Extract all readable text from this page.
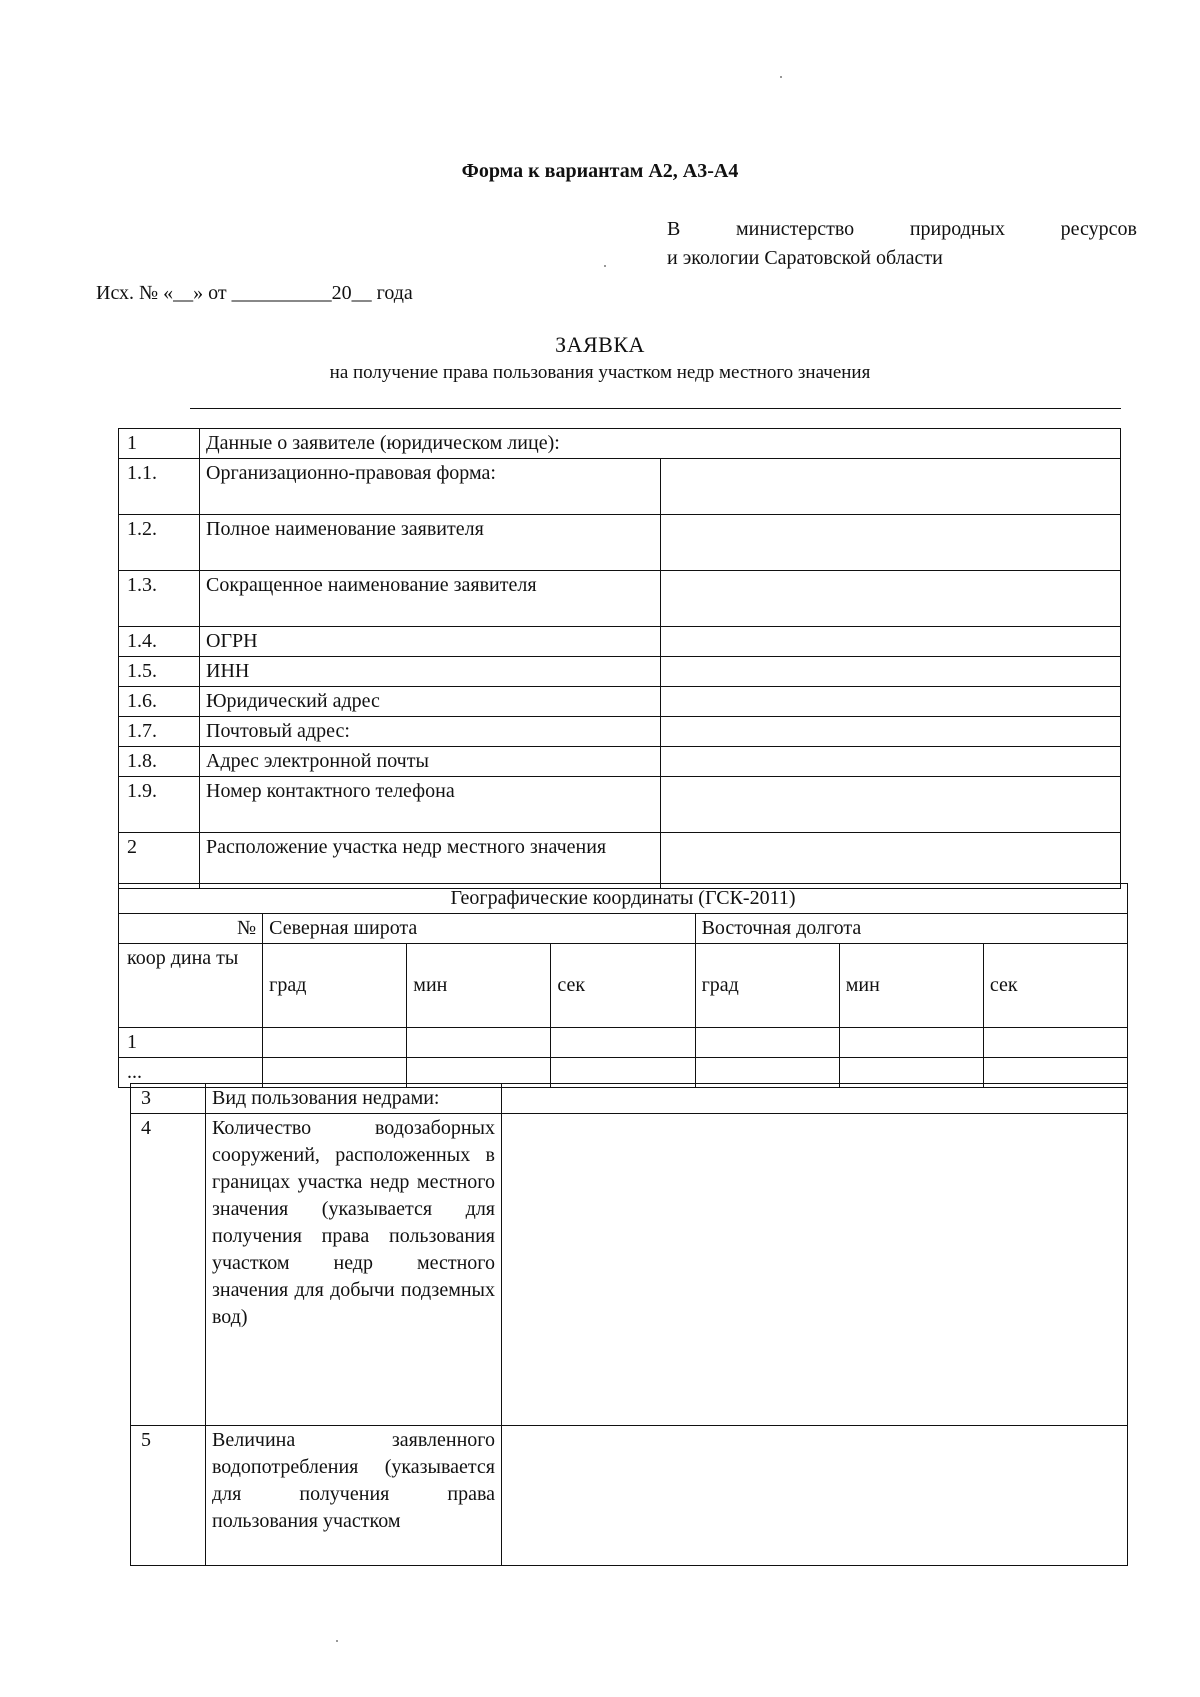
Форма к вариантам А2, А3-А4
В	министерство	природных	ресурсов
и экологии Саратовской области
Исх. № «__» от __________20__ года
ЗАЯВКА
на получение права пользования участком недр местного значения
1	Данные о заявителе (юридическом лице):	
1.1.	Организационно-правовая форма:	
1.2.	Полное наименование заявителя	
1.3.	Сокращенное наименование заявителя	
1.4.	ОГРН	
1.5.	ИНН	
1.6.	Юридический адрес	
1.7.	Почтовый адрес:	
1.8.	Адрес электронной почты	
1.9.	Номер контактного телефона	
2	Расположение участка недр местного значения	
Географические координаты (ГСК-2011)						
№	Северная широта			Восточная долгота		
коор дина ты	град	мин	сек	град	мин	сек
1						
...						
3	Вид пользования недрами:	
4	Количество водозаборных сооружений, расположенных в границах участка недр местного значения (указывается для получения права пользования участком недр местного значения для добычи подземных вод)	
5	Величина заявленного водопотребления (указывается для получения права пользования участком	
